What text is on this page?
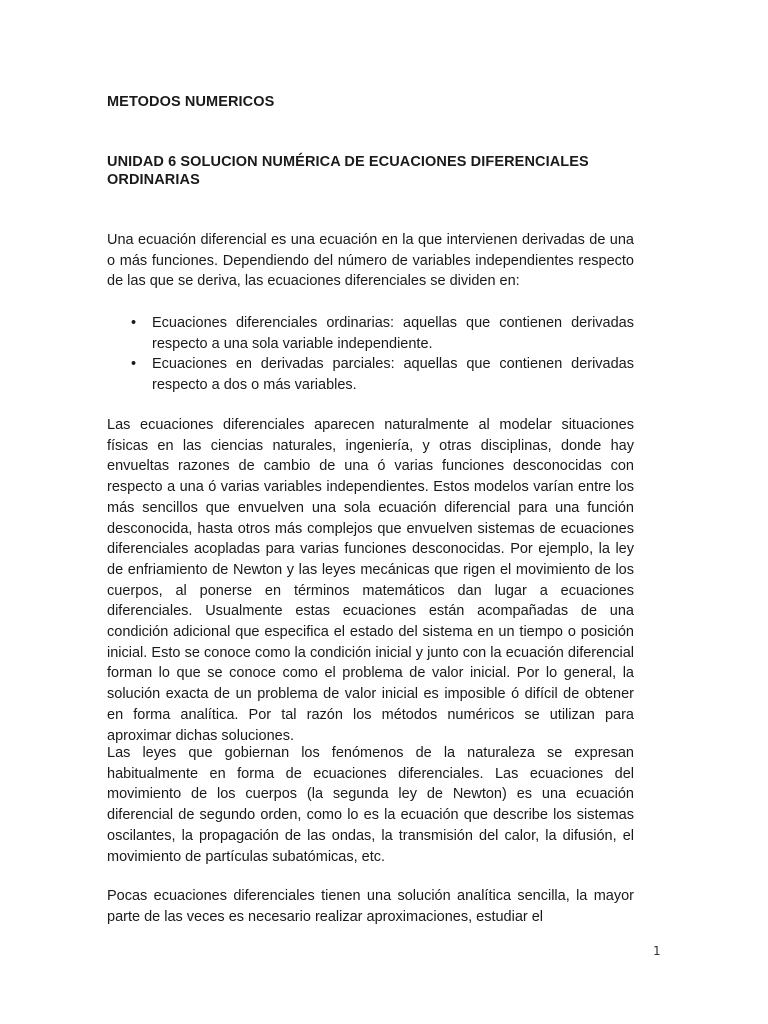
METODOS NUMERICOS
UNIDAD 6 SOLUCION NUMÉRICA DE ECUACIONES DIFERENCIALES ORDINARIAS

Una ecuación diferencial es una ecuación en la que intervienen derivadas de una o más funciones. Dependiendo del número de variables independientes respecto de las que se deriva, las ecuaciones diferenciales se dividen en:

• Ecuaciones diferenciales ordinarias: aquellas que contienen derivadas respecto a una sola variable independiente.
• Ecuaciones en derivadas parciales: aquellas que contienen derivadas respecto a dos o más variables.

Las ecuaciones diferenciales aparecen naturalmente al modelar situaciones físicas en las ciencias naturales, ingeniería, y otras disciplinas, donde hay envueltas razones de cambio de una ó varias funciones desconocidas con respecto a una ó varias variables independientes. Estos modelos varían entre los más sencillos que envuelven una sola ecuación diferencial para una función desconocida, hasta otros más complejos que envuelven sistemas de ecuaciones diferenciales acopladas para varias funciones desconocidas. Por ejemplo, la ley de enfriamiento de Newton y las leyes mecánicas que rigen el movimiento de los cuerpos, al ponerse en términos matemáticos dan lugar a ecuaciones diferenciales. Usualmente estas ecuaciones están acompañadas de una condición adicional que especifica el estado del sistema en un tiempo o posición inicial. Esto se conoce como la condición inicial y junto con la ecuación diferencial forman lo que se conoce como el problema de valor inicial. Por lo general, la solución exacta de un problema de valor inicial es imposible ó difícil de obtener en forma analítica. Por tal razón los métodos numéricos se utilizan para aproximar dichas soluciones.

Las leyes que gobiernan los fenómenos de la naturaleza se expresan habitualmente en forma de ecuaciones diferenciales. Las ecuaciones del movimiento de los cuerpos (la segunda ley de Newton) es una ecuación diferencial de segundo orden, como lo es la ecuación que describe los sistemas oscilantes, la propagación de las ondas, la transmisión del calor, la difusión, el movimiento de partículas subatómicas, etc.

Pocas ecuaciones diferenciales tienen una solución analítica sencilla, la mayor parte de las veces es necesario realizar aproximaciones, estudiar el

1
